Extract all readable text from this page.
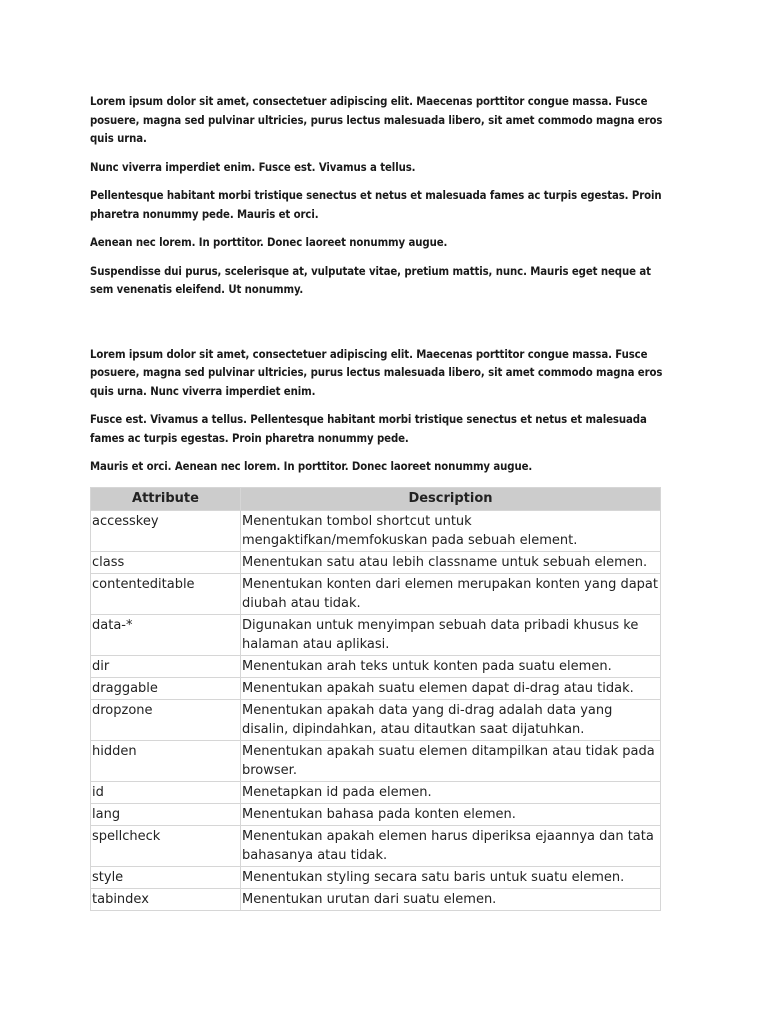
Lorem ipsum dolor sit amet, consectetuer adipiscing elit. Maecenas porttitor congue massa. Fusce posuere, magna sed pulvinar ultricies, purus lectus malesuada libero, sit amet commodo magna eros quis urna.

Nunc viverra imperdiet enim. Fusce est. Vivamus a tellus.

Pellentesque habitant morbi tristique senectus et netus et malesuada fames ac turpis egestas. Proin pharetra nonummy pede. Mauris et orci.

Aenean nec lorem. In porttitor. Donec laoreet nonummy augue.

Suspendisse dui purus, scelerisque at, vulputate vitae, pretium mattis, nunc. Mauris eget neque at sem venenatis eleifend. Ut nonummy.

Lorem ipsum dolor sit amet, consectetuer adipiscing elit. Maecenas porttitor congue massa. Fusce posuere, magna sed pulvinar ultricies, purus lectus malesuada libero, sit amet commodo magna eros quis urna. Nunc viverra imperdiet enim.

Fusce est. Vivamus a tellus. Pellentesque habitant morbi tristique senectus et netus et malesuada fames ac turpis egestas. Proin pharetra nonummy pede.

Mauris et orci. Aenean nec lorem. In porttitor. Donec laoreet nonummy augue.

Attribute	Description
accesskey	Menentukan tombol shortcut untuk mengaktifkan/memfokuskan pada sebuah element.
class	Menentukan satu atau lebih classname untuk sebuah elemen.
contenteditable	Menentukan konten dari elemen merupakan konten yang dapat diubah atau tidak.
data-*	Digunakan untuk menyimpan sebuah data pribadi khusus ke halaman atau aplikasi.
dir	Menentukan arah teks untuk konten pada suatu elemen.
draggable	Menentukan apakah suatu elemen dapat di-drag atau tidak.
dropzone	Menentukan apakah data yang di-drag adalah data yang disalin, dipindahkan, atau ditautkan saat dijatuhkan.
hidden	Menentukan apakah suatu elemen ditampilkan atau tidak pada browser.
id	Menetapkan id pada elemen.
lang	Menentukan bahasa pada konten elemen.
spellcheck	Menentukan apakah elemen harus diperiksa ejaannya dan tata bahasanya atau tidak.
style	Menentukan styling secara satu baris untuk suatu elemen.
tabindex	Menentukan urutan dari suatu elemen.
